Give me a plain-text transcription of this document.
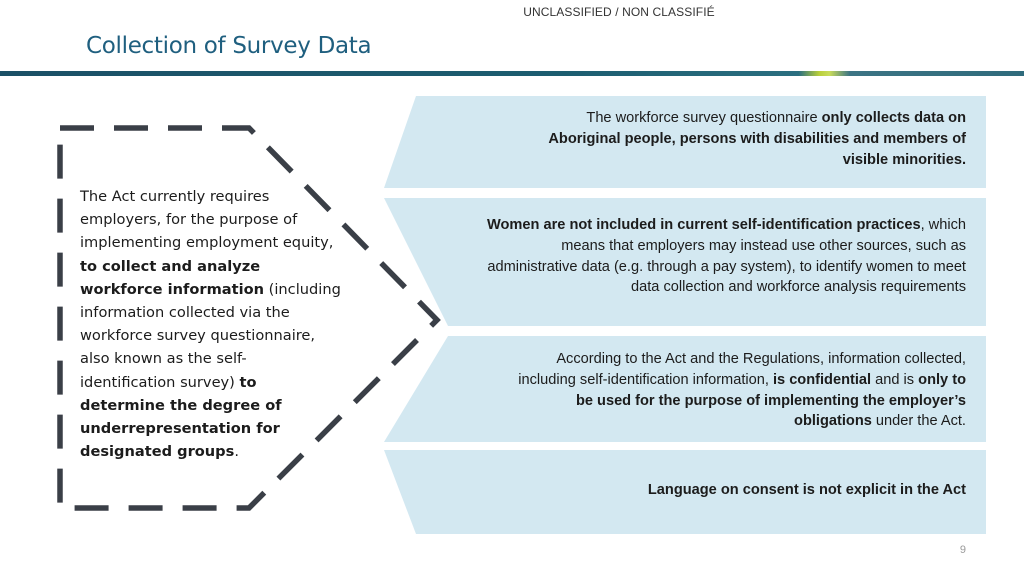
UNCLASSIFIED / NON CLASSIFIÉ
Collection of Survey Data
The Act currently requires employers, for the purpose of implementing employment equity, to collect and analyze workforce information (including information collected via the workforce survey questionnaire, also known as the self-identification survey) to determine the degree of underrepresentation for designated groups.
The workforce survey questionnaire only collects data on Aboriginal people, persons with disabilities and members of visible minorities.
Women are not included in current self-identification practices, which means that employers may instead use other sources, such as administrative data (e.g. through a pay system), to identify women to meet data collection and workforce analysis requirements
According to the Act and the Regulations, information collected, including self-identification information, is confidential and is only to be used for the purpose of implementing the employer’s obligations under the Act.
Language on consent is not explicit in the Act
9
